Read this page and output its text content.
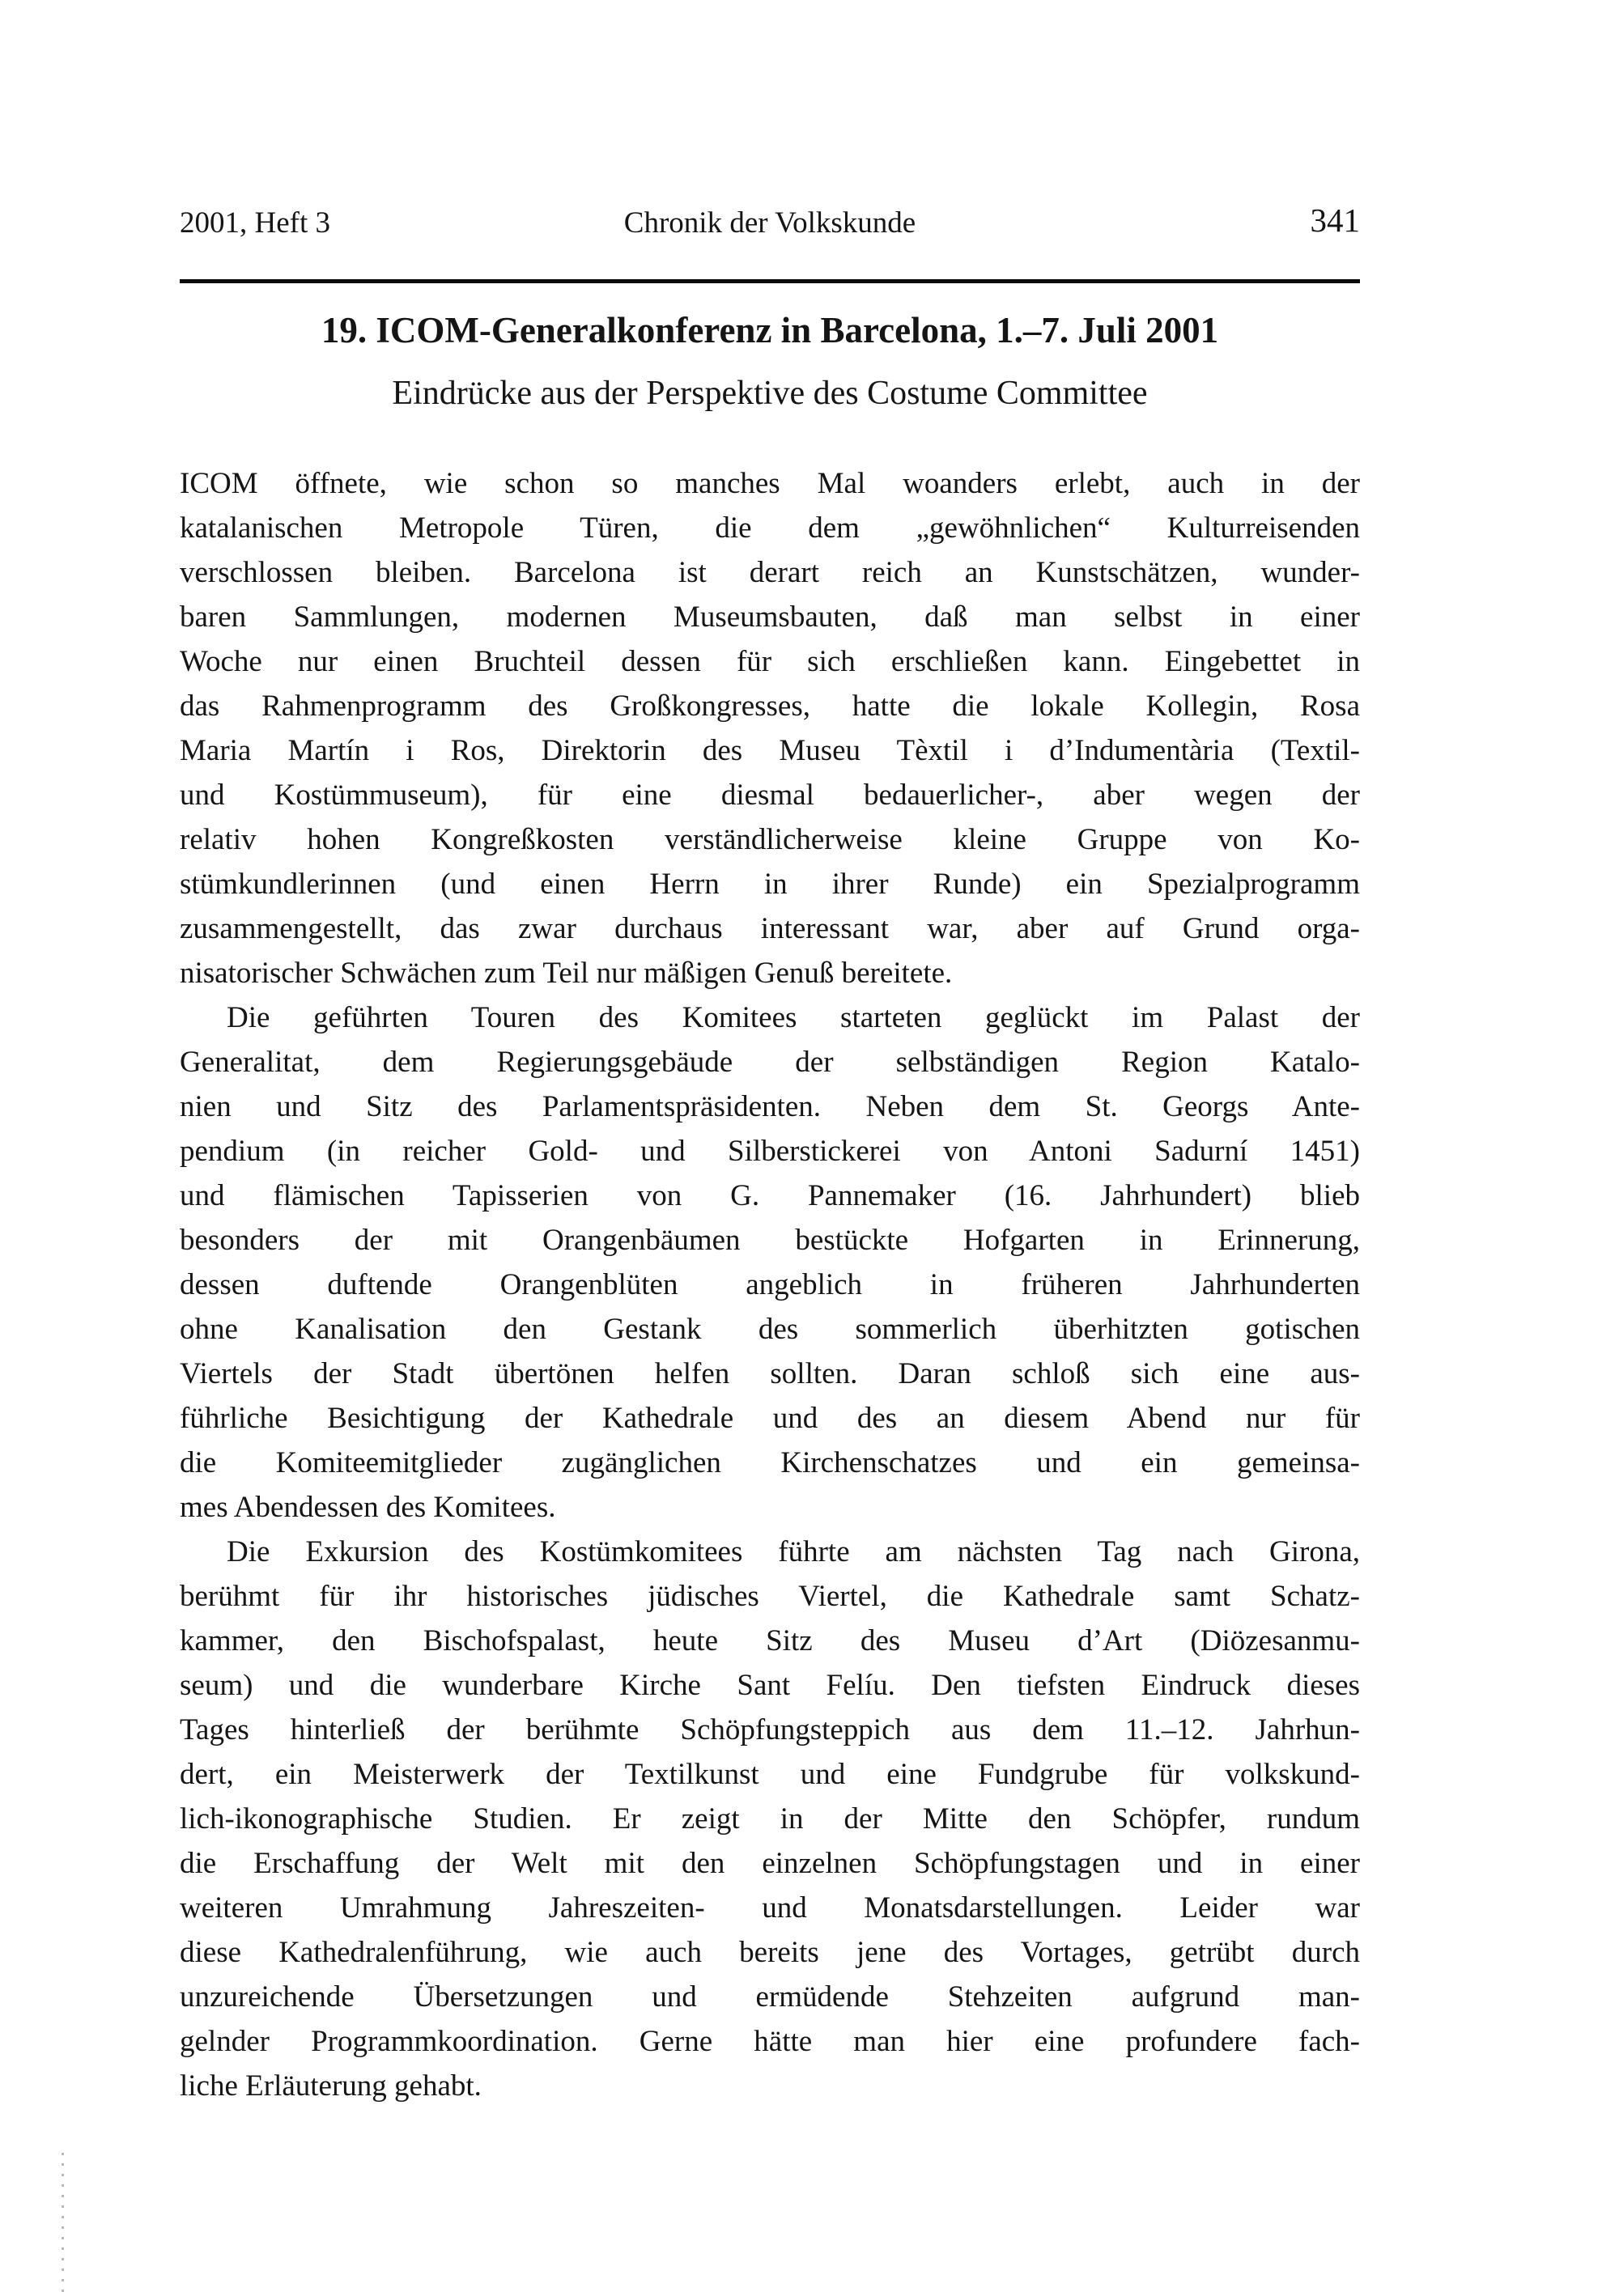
2001, Heft 3	Chronik der Volkskunde	341
19. ICOM-Generalkonferenz in Barcelona, 1.–7. Juli 2001
Eindrücke aus der Perspektive des Costume Committee
ICOM öffnete, wie schon so manches Mal woanders erlebt, auch in der
katalanischen Metropole Türen, die dem „gewöhnlichen“ Kulturreisenden
verschlossen bleiben. Barcelona ist derart reich an Kunstschätzen, wunder-
baren Sammlungen, modernen Museumsbauten, daß man selbst in einer
Woche nur einen Bruchteil dessen für sich erschließen kann. Eingebettet in
das Rahmenprogramm des Großkongresses, hatte die lokale Kollegin, Rosa
Maria Martín i Ros, Direktorin des Museu Tèxtil i d’Indumentària (Textil-
und Kostümmuseum), für eine diesmal bedauerlicher-, aber wegen der
relativ hohen Kongreßkosten verständlicherweise kleine Gruppe von Ko-
stümkundlerinnen (und einen Herrn in ihrer Runde) ein Spezialprogramm
zusammengestellt, das zwar durchaus interessant war, aber auf Grund orga-
nisatorischer Schwächen zum Teil nur mäßigen Genuß bereitete.
Die geführten Touren des Komitees starteten geglückt im Palast der
Generalitat, dem Regierungsgebäude der selbständigen Region Katalo-
nien und Sitz des Parlamentspräsidenten. Neben dem St. Georgs Ante-
pendium (in reicher Gold- und Silberstickerei von Antoni Sadurní 1451)
und flämischen Tapisserien von G. Pannemaker (16. Jahrhundert) blieb
besonders der mit Orangenbäumen bestückte Hofgarten in Erinnerung,
dessen duftende Orangenblüten angeblich in früheren Jahrhunderten
ohne Kanalisation den Gestank des sommerlich überhitzten gotischen
Viertels der Stadt übertönen helfen sollten. Daran schloß sich eine aus-
führliche Besichtigung der Kathedrale und des an diesem Abend nur für
die Komiteemitglieder zugänglichen Kirchenschatzes und ein gemeinsa-
mes Abendessen des Komitees.
Die Exkursion des Kostümkomitees führte am nächsten Tag nach Girona,
berühmt für ihr historisches jüdisches Viertel, die Kathedrale samt Schatz-
kammer, den Bischofspalast, heute Sitz des Museu d’Art (Diözesanmu-
seum) und die wunderbare Kirche Sant Felíu. Den tiefsten Eindruck dieses
Tages hinterließ der berühmte Schöpfungsteppich aus dem 11.–12. Jahrhun-
dert, ein Meisterwerk der Textilkunst und eine Fundgrube für volkskund-
lich-ikonographische Studien. Er zeigt in der Mitte den Schöpfer, rundum
die Erschaffung der Welt mit den einzelnen Schöpfungstagen und in einer
weiteren Umrahmung Jahreszeiten- und Monatsdarstellungen. Leider war
diese Kathedralenführung, wie auch bereits jene des Vortages, getrübt durch
unzureichende Übersetzungen und ermüdende Stehzeiten aufgrund man-
gelnder Programmkoordination. Gerne hätte man hier eine profundere fach-
liche Erläuterung gehabt.
